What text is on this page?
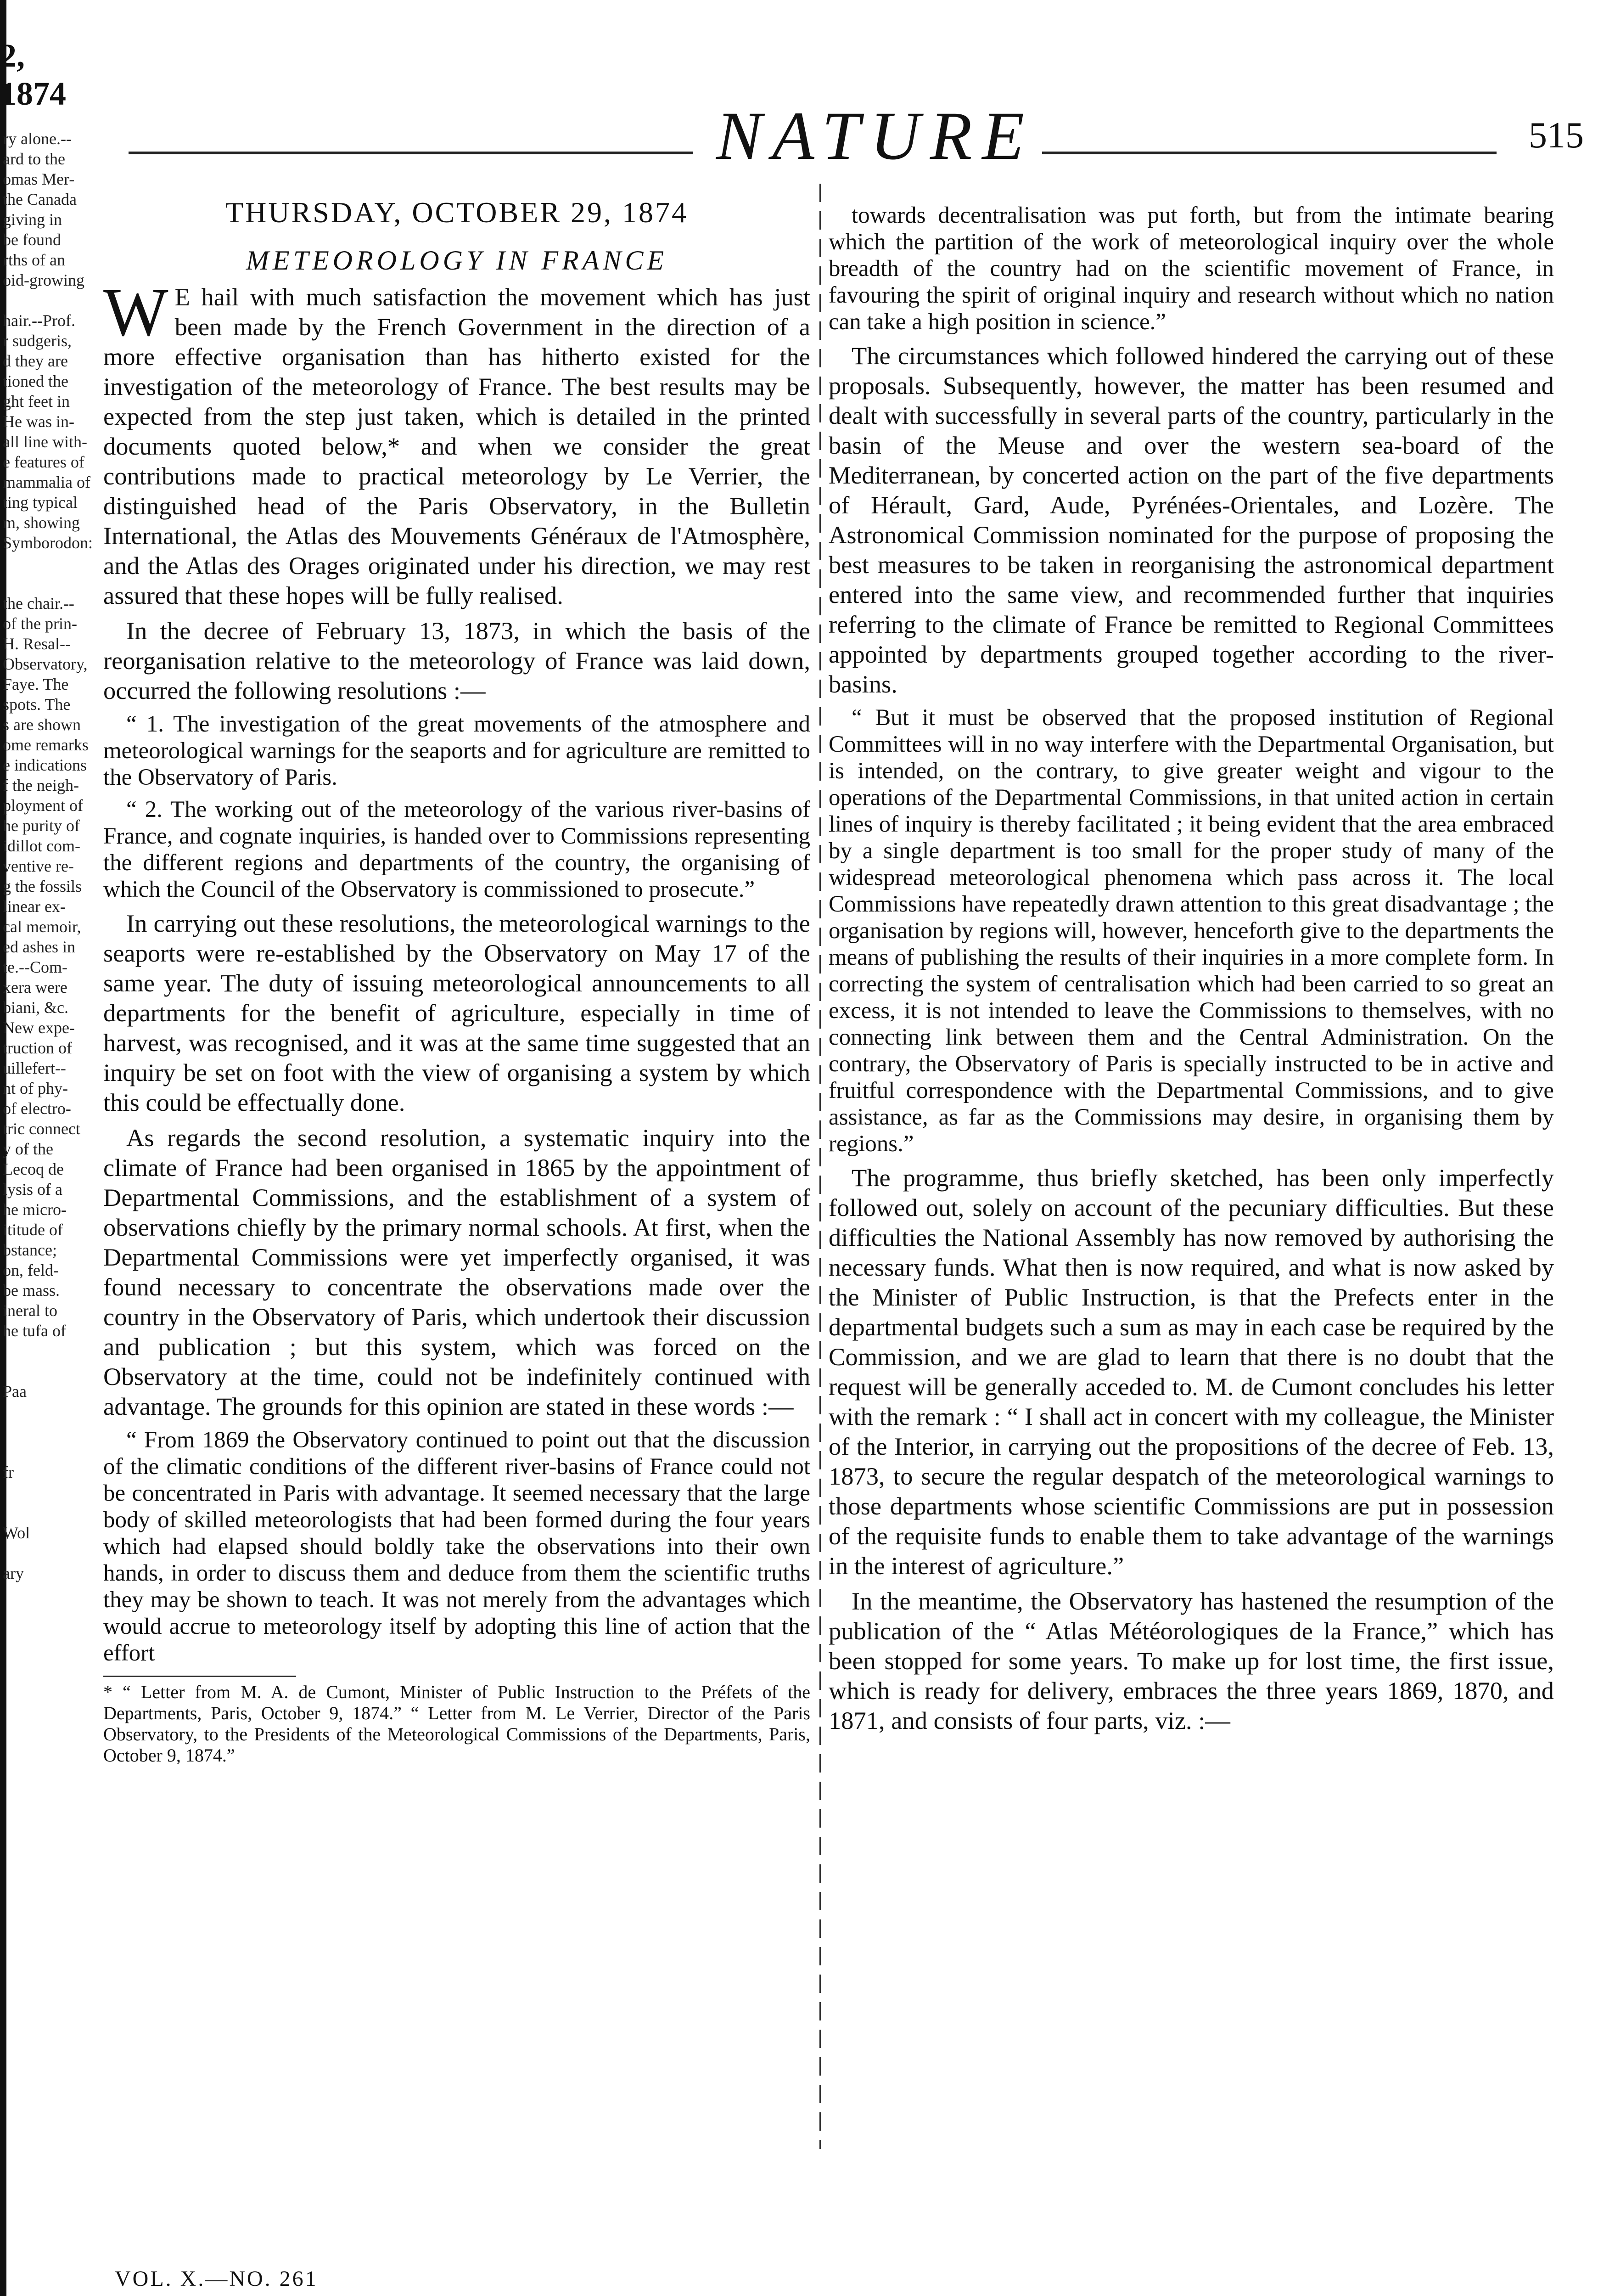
2, 1874
ry alone.--
ard to the
omas Mer-
the Canada
giving in
be found
rths of an
oid-growing

hair.--Prof.
r sudgeris,
d they are
tioned the
ght feet in
He was in-
all line with-
e features of
mammalia of
ting typical
m, showing
Symborodon:

the chair.--
of the prin-
H. Resal--
Observatory,
Faye. The
spots. The
s are shown
ome remarks
e indications
f the neigh-
ployment of
he purity of
idillot com-
ventive re-
g the fossils
linear ex-
cal memoir,
ed ashes in
te.--Com-
xera were
biani, &c.
New expe-
truction of
uillefert--
nt of phy-
of electro-
tric connect
y of the
Lecoq de
lysis of a
he micro-
ititude of
bstance;
on, feld-
be mass.
ineral to
he tufa of

Paa

fr

Wol

ary
NATURE	515

THURSDAY, OCTOBER 29, 1874

METEOROLOGY IN FRANCE

W E hail with much satisfaction the movement which has just been made by the French Government in the direction of a more effective organisation than has hitherto existed for the investigation of the meteorology of France. The best results may be expected from the step just taken, which is detailed in the printed documents quoted below,* and when we consider the great contributions made to practical meteorology by Le Verrier, the distinguished head of the Paris Observatory, in the Bulletin International, the Atlas des Mouvements Généraux de l'Atmosphère, and the Atlas des Orages originated under his direction, we may rest assured that these hopes will be fully realised.

In the decree of February 13, 1873, in which the basis of the reorganisation relative to the meteorology of France was laid down, occurred the following resolutions :—

“ 1. The investigation of the great movements of the atmosphere and meteorological warnings for the seaports and for agriculture are remitted to the Observatory of Paris.

“ 2. The working out of the meteorology of the various river-basins of France, and cognate inquiries, is handed over to Commissions representing the different regions and departments of the country, the organising of which the Council of the Observatory is commissioned to prosecute.”

In carrying out these resolutions, the meteorological warnings to the seaports were re-established by the Observatory on May 17 of the same year. The duty of issuing meteorological announcements to all departments for the benefit of agriculture, especially in time of harvest, was recognised, and it was at the same time suggested that an inquiry be set on foot with the view of organising a system by which this could be effectually done.

As regards the second resolution, a systematic inquiry into the climate of France had been organised in 1865 by the appointment of Departmental Commissions, and the establishment of a system of observations chiefly by the primary normal schools. At first, when the Departmental Commissions were yet imperfectly organised, it was found necessary to concentrate the observations made over the country in the Observatory of Paris, which undertook their discussion and publication ; but this system, which was forced on the Observatory at the time, could not be indefinitely continued with advantage. The grounds for this opinion are stated in these words :—

“ From 1869 the Observatory continued to point out that the discussion of the climatic conditions of the different river-basins of France could not be concentrated in Paris with advantage. It seemed necessary that the large body of skilled meteorologists that had been formed during the four years which had elapsed should boldly take the observations into their own hands, in order to discuss them and deduce from them the scientific truths they may be shown to teach. It was not merely from the advantages which would accrue to meteorology itself by adopting this line of action that the effort

* “ Letter from M. A. de Cumont, Minister of Public Instruction to the Préfets of the Departments, Paris, October 9, 1874.” “ Letter from M. Le Verrier, Director of the Paris Observatory, to the Presidents of the Meteorological Commissions of the Departments, Paris, October 9, 1874.”

VOL. X.—NO. 261

towards decentralisation was put forth, but from the intimate bearing which the partition of the work of meteorological inquiry over the whole breadth of the country had on the scientific movement of France, in favouring the spirit of original inquiry and research without which no nation can take a high position in science.”

The circumstances which followed hindered the carrying out of these proposals. Subsequently, however, the matter has been resumed and dealt with successfully in several parts of the country, particularly in the basin of the Meuse and over the western sea-board of the Mediterranean, by concerted action on the part of the five departments of Hérault, Gard, Aude, Pyrénées-Orientales, and Lozère. The Astronomical Commission nominated for the purpose of proposing the best measures to be taken in reorganising the astronomical department entered into the same view, and recommended further that inquiries referring to the climate of France be remitted to Regional Committees appointed by departments grouped together according to the river-basins.

“ But it must be observed that the proposed institution of Regional Committees will in no way interfere with the Departmental Organisation, but is intended, on the contrary, to give greater weight and vigour to the operations of the Departmental Commissions, in that united action in certain lines of inquiry is thereby facilitated ; it being evident that the area embraced by a single department is too small for the proper study of many of the widespread meteorological phenomena which pass across it. The local Commissions have repeatedly drawn attention to this great disadvantage ; the organisation by regions will, however, henceforth give to the departments the means of publishing the results of their inquiries in a more complete form. In correcting the system of centralisation which had been carried to so great an excess, it is not intended to leave the Commissions to themselves, with no connecting link between them and the Central Administration. On the contrary, the Observatory of Paris is specially instructed to be in active and fruitful correspondence with the Departmental Commissions, and to give assistance, as far as the Commissions may desire, in organising them by regions.”

The programme, thus briefly sketched, has been only imperfectly followed out, solely on account of the pecuniary difficulties. But these difficulties the National Assembly has now removed by authorising the necessary funds. What then is now required, and what is now asked by the Minister of Public Instruction, is that the Prefects enter in the departmental budgets such a sum as may in each case be required by the Commission, and we are glad to learn that there is no doubt that the request will be generally acceded to. M. de Cumont concludes his letter with the remark : “ I shall act in concert with my colleague, the Minister of the Interior, in carrying out the propositions of the decree of Feb. 13, 1873, to secure the regular despatch of the meteorological warnings to those departments whose scientific Commissions are put in possession of the requisite funds to enable them to take advantage of the warnings in the interest of agriculture.”

In the meantime, the Observatory has hastened the resumption of the publication of the “ Atlas Météorologiques de la France,” which has been stopped for some years. To make up for lost time, the first issue, which is ready for delivery, embraces the three years 1869, 1870, and 1871, and consists of four parts, viz. :—
